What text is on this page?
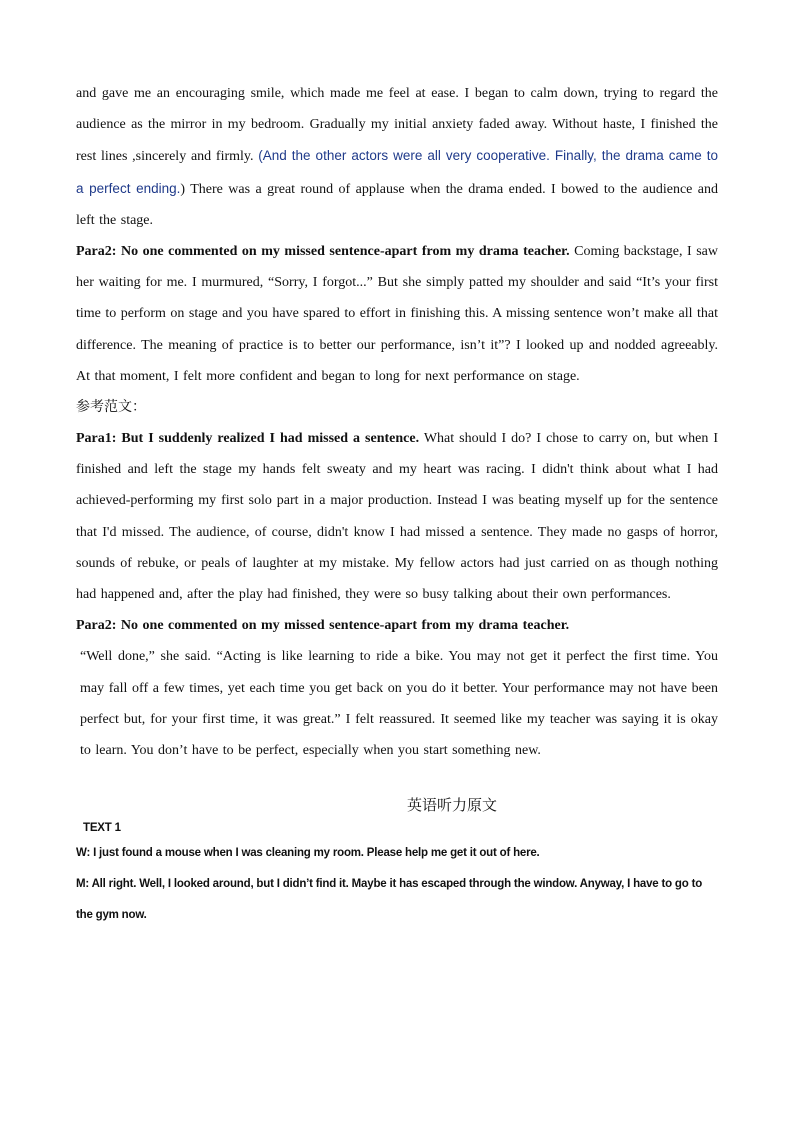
and gave me an encouraging smile, which made me feel at ease. I began to calm down, trying to regard the audience as the mirror in my bedroom. Gradually my initial anxiety faded away. Without haste, I finished the rest lines ,sincerely and firmly. (And the other actors were all very cooperative. Finally, the drama came to a perfect ending.) There was a great round of applause when the drama ended. I bowed to the audience and left the stage.

Para2: No one commented on my missed sentence-apart from my drama teacher. Coming backstage, I saw her waiting for me. I murmured, “Sorry, I forgot...” But she simply patted my shoulder and said “It’s your first time to perform on stage and you have spared to effort in finishing this. A missing sentence won’t make all that difference. The meaning of practice is to better our performance, isn’t it”? I looked up and nodded agreeably. At that moment, I felt more confident and began to long for next performance on stage.

参考范文：

Para1: But I suddenly realized I had missed a sentence. What should I do? I chose to carry on, but when I finished and left the stage my hands felt sweaty and my heart was racing. I didn't think about what I had achieved-performing my first solo part in a major production. Instead I was beating myself up for the sentence that I'd missed. The audience, of course, didn't know I had missed a sentence. They made no gasps of horror, sounds of rebuke, or peals of laughter at my mistake. My fellow actors had just carried on as though nothing had happened and, after the play had finished, they were so busy talking about their own performances.

Para2: No one commented on my missed sentence-apart from my drama teacher.

“Well done,” she said. “Acting is like learning to ride a bike. You may not get it perfect the first time. You may fall off a few times, yet each time you get back on you do it better. Your performance may not have been perfect but, for your first time, it was great.” I felt reassured. It seemed like my teacher was saying it is okay to learn. You don’t have to be perfect, especially when you start something new.

英语听力原文

TEXT 1

W: I just found a mouse when I was cleaning my room. Please help me get it out of here.

M: All right. Well, I looked around, but I didn’t find it. Maybe it has escaped through the window. Anyway, I have to go to the gym now.
